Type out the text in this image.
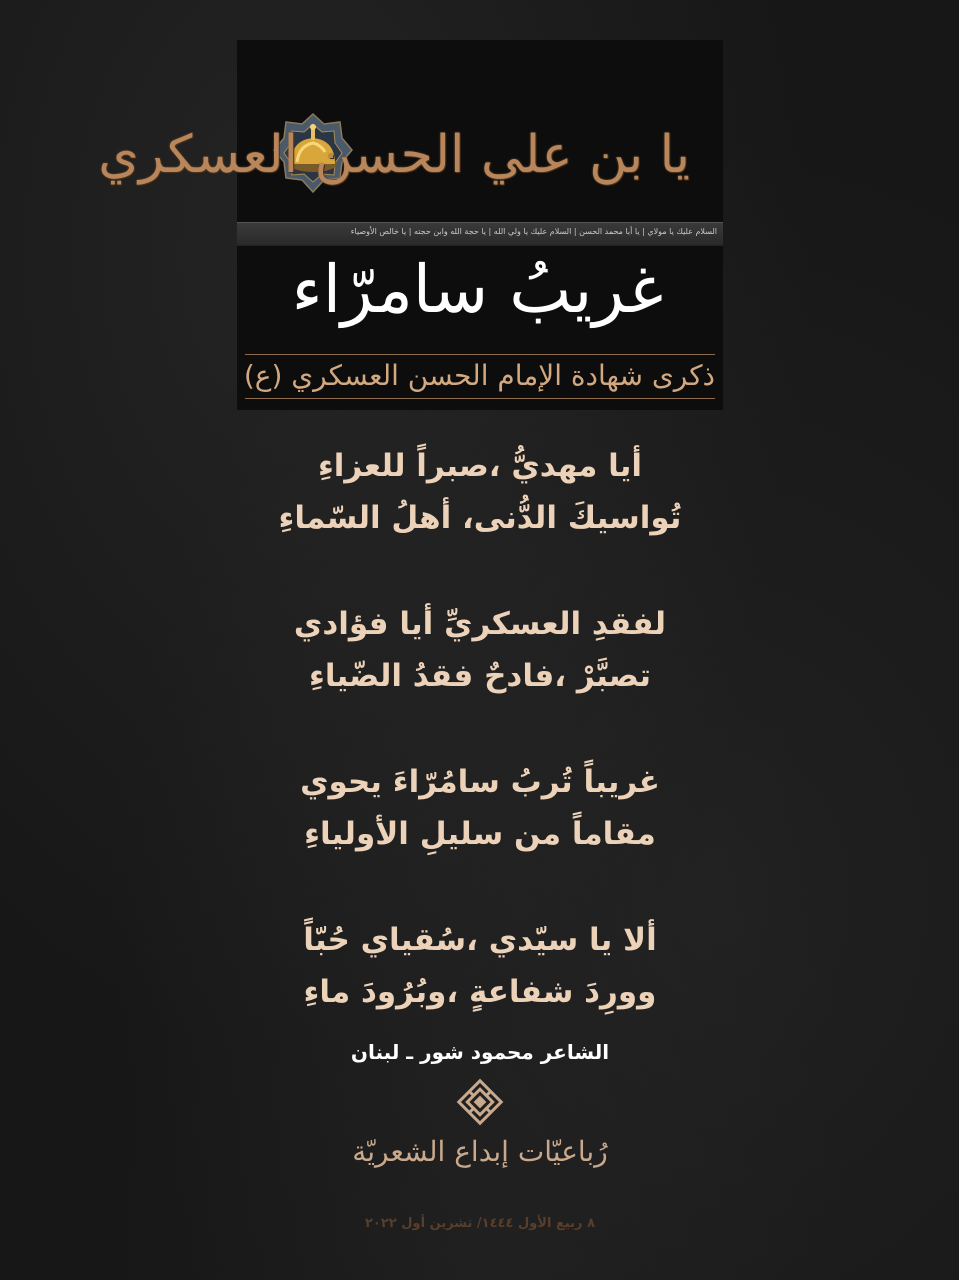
يا بن علي الحسن العسكري
السلام عليك يا مولاي | يا أبا محمد الحسن | السلام عليك يا ولي الله | يا حجة الله وابن حجته | يا خالص الأوصياء
غريبُ سامرّاء
ذكرى شهادة الإمام الحسن العسكري (ع)
أيا مهديُّ ،صبراً للعزاءِ
تُواسيكَ الدُّنى، أهلُ السّماءِ
لفقدِ العسكريِّ أيا فؤادي
تصبَّرْ ،فادحٌ فقدُ الضّياءِ
غريباً تُربُ سامُرّاءَ يحوي
مقاماً من سليلِ الأولياءِ
ألا يا سيّدي ،سُقياي حُبّاً
وورِدَ شفاعةٍ ،وبُرُودَ ماءِ
الشاعر محمود شور ـ لبنان
رُباعيّات إبداع الشعريّة
٨ ربيع الأول ١٤٤٤/ تشرين أول ٢٠٢٢
